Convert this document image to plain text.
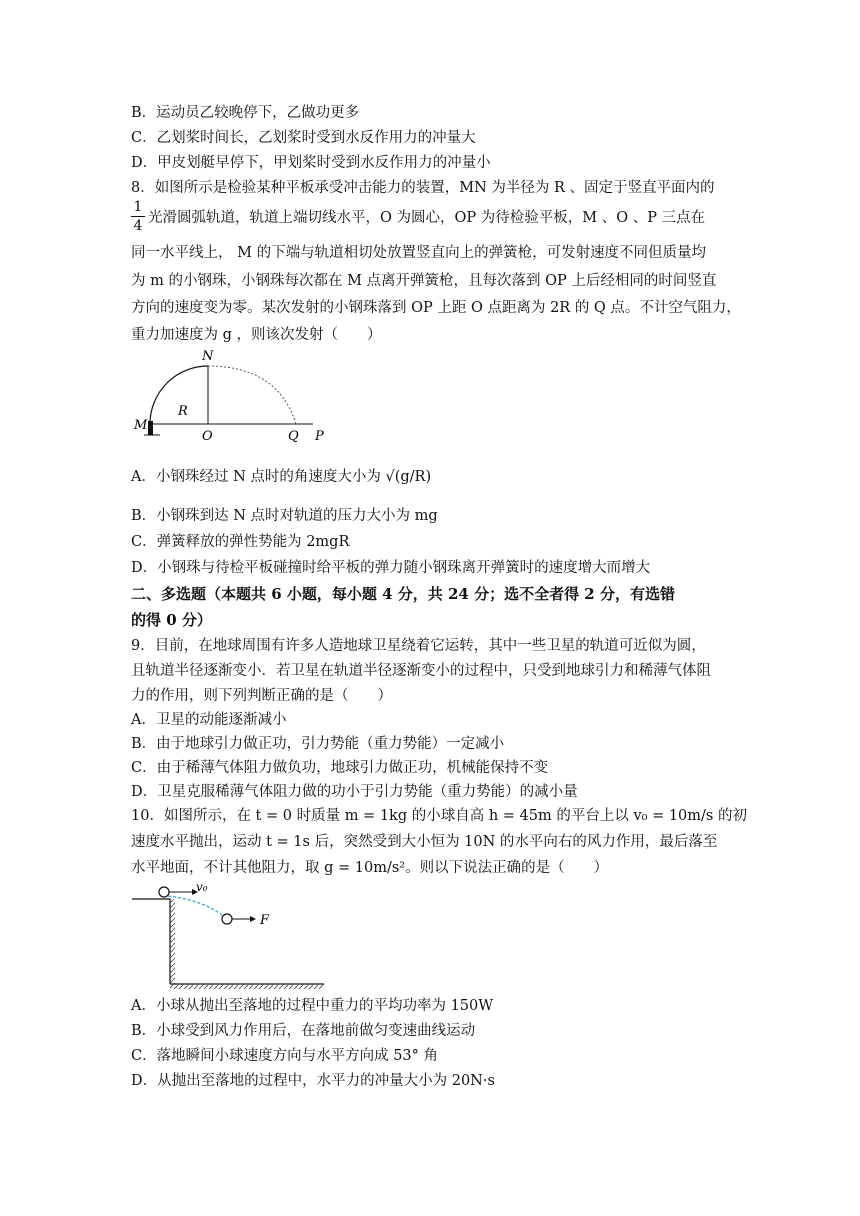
B．运动员乙较晚停下，乙做功更多
C．乙划桨时间长，乙划桨时受到水反作用力的冲量大
D．甲皮划艇早停下，甲划桨时受到水反作用力的冲量小
8．如图所示是检验某种平板承受冲击能力的装置，MN 为半径为 R 、固定于竖直平面内的
1
4 光滑圆弧轨道，轨道上端切线水平，O 为圆心，OP 为待检验平板，M 、O 、P 三点在
同一水平线上， M 的下端与轨道相切处放置竖直向上的弹簧枪，可发射速度不同但质量均
为 m 的小钢珠，小钢珠每次都在 M 点离开弹簧枪，且每次落到 OP 上后经相同的时间竖直
方向的速度变为零。某次发射的小钢珠落到 OP 上距 O 点距离为 2R 的 Q 点。不计空气阻力，
重力加速度为 g ，则该次发射（　　）
N
R
M
O	Q P
A．小钢珠经过 N 点时的角速度大小为 √(g/R)
B．小钢珠到达 N 点时对轨道的压力大小为 mg
C．弹簧释放的弹性势能为 2mgR
D．小钢珠与待检平板碰撞时给平板的弹力随小钢珠离开弹簧时的速度增大而增大
二、多选题（本题共 6 小题，每小题 4 分，共 24 分；选不全者得 2 分，有选错
的得 0 分）
9．目前，在地球周围有许多人造地球卫星绕着它运转，其中一些卫星的轨道可近似为圆，
且轨道半径逐渐变小．若卫星在轨道半径逐渐变小的过程中，只受到地球引力和稀薄气体阻
力的作用，则下列判断正确的是（　　）
A．卫星的动能逐渐减小
B．由于地球引力做正功，引力势能（重力势能）一定减小
C．由于稀薄气体阻力做负功，地球引力做正功，机械能保持不变
D．卫星克服稀薄气体阻力做的功小于引力势能（重力势能）的减小量
10．如图所示，在 t = 0 时质量 m = 1kg 的小球自高 h = 45m 的平台上以 v₀ = 10m/s 的初
速度水平抛出，运动 t = 1s 后，突然受到大小恒为 10N 的水平向右的风力作用，最后落至
水平地面，不计其他阻力，取 g = 10m/s²。则以下说法正确的是（　　）
v₀
F
A．小球从抛出至落地的过程中重力的平均功率为 150W
B．小球受到风力作用后，在落地前做匀变速曲线运动
C．落地瞬间小球速度方向与水平方向成 53° 角
D．从抛出至落地的过程中，水平力的冲量大小为 20N·s
